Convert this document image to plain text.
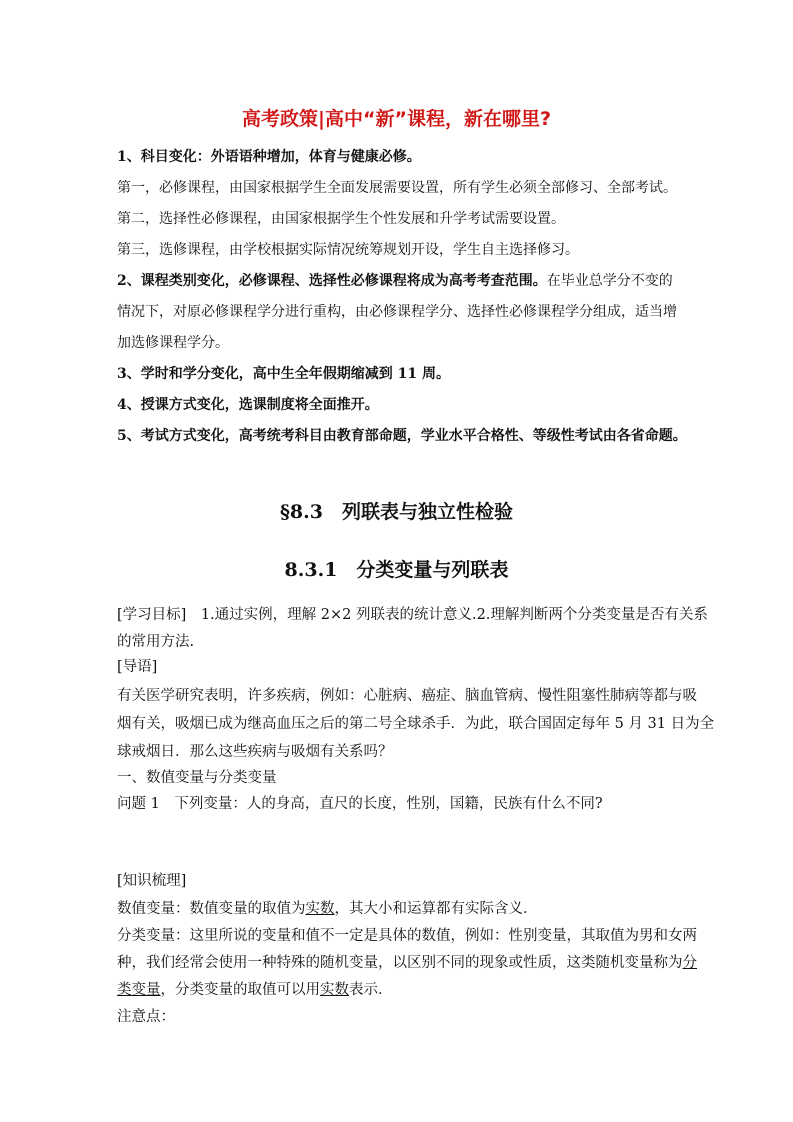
高考政策|高中“新”课程，新在哪里?

1、科目变化：外语语种增加，体育与健康必修。

第一，必修课程，由国家根据学生全面发展需要设置，所有学生必须全部修习、全部考试。

第二，选择性必修课程，由国家根据学生个性发展和升学考试需要设置。

第三，选修课程，由学校根据实际情况统筹规划开设，学生自主选择修习。

2、课程类别变化，必修课程、选择性必修课程将成为高考考查范围。在毕业总学分不变的

情况下，对原必修课程学分进行重构，由必修课程学分、选择性必修课程学分组成，适当增

加选修课程学分。

3、学时和学分变化，高中生全年假期缩减到 11 周。

4、授课方式变化，选课制度将全面推开。

5、考试方式变化，高考统考科目由教育部命题，学业水平合格性、等级性考试由各省命题。

§8.3　列联表与独立性检验

8.3.1　分类变量与列联表

[学习目标]　1.通过实例，理解 2×2 列联表的统计意义.2.理解判断两个分类变量是否有关系

的常用方法.

[导语]

有关医学研究表明，许多疾病，例如：心脏病、癌症、脑血管病、慢性阻塞性肺病等都与吸

烟有关，吸烟已成为继高血压之后的第二号全球杀手．为此，联合国固定每年 5 月 31 日为全

球戒烟日．那么这些疾病与吸烟有关系吗？

一、数值变量与分类变量

问题 1　下列变量：人的身高，直尺的长度，性别，国籍，民族有什么不同?

[知识梳理]

数值变量：数值变量的取值为实数，其大小和运算都有实际含义．

分类变量：这里所说的变量和值不一定是具体的数值，例如：性别变量，其取值为男和女两

种，我们经常会使用一种特殊的随机变量，以区别不同的现象或性质，这类随机变量称为分

类变量，分类变量的取值可以用实数表示．

注意点：
